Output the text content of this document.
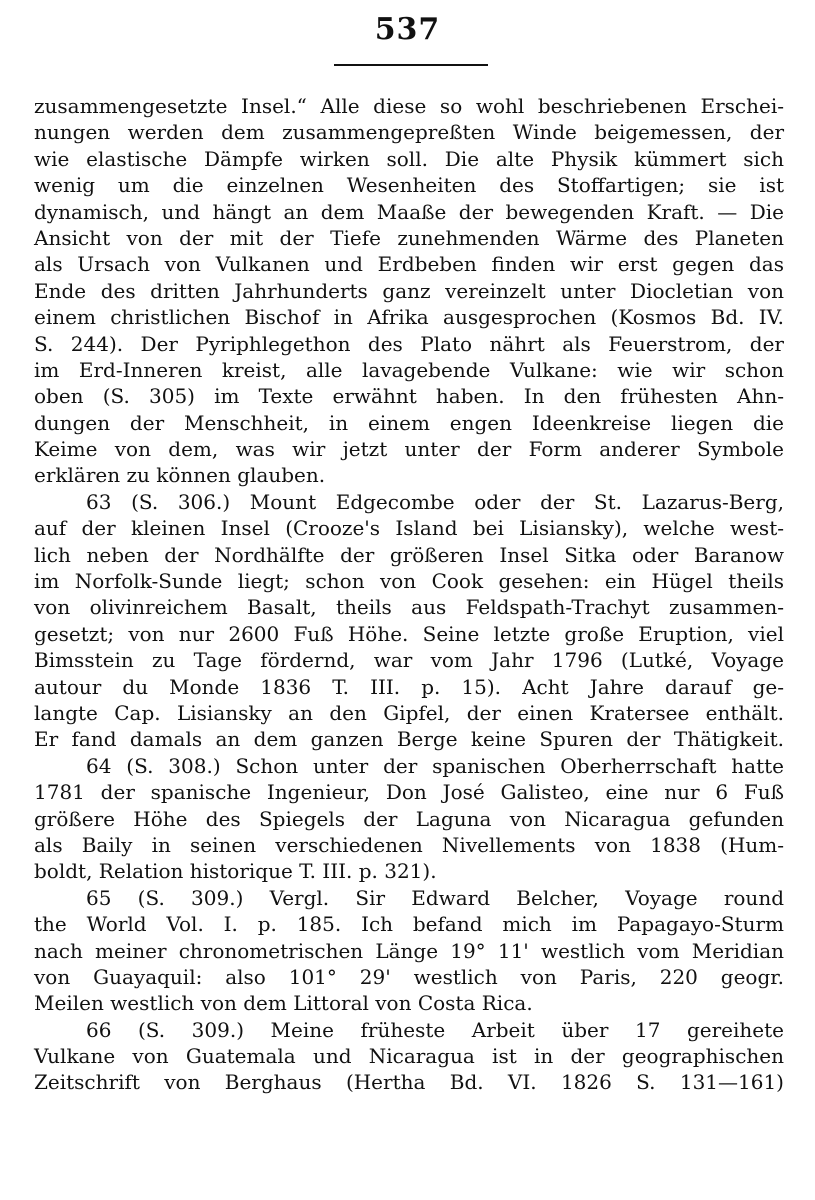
537
zusammengesetzte Insel.“ Alle diese so wohl beschriebenen Erschei-
nungen werden dem zusammengepreßten Winde beigemessen, der
wie elastische Dämpfe wirken soll. Die alte Physik kümmert sich
wenig um die einzelnen Wesenheiten des Stoffartigen; sie ist
dynamisch, und hängt an dem Maaße der bewegenden Kraft. — Die
Ansicht von der mit der Tiefe zunehmenden Wärme des Planeten
als Ursach von Vulkanen und Erdbeben finden wir erst gegen das
Ende des dritten Jahrhunderts ganz vereinzelt unter Diocletian von
einem christlichen Bischof in Afrika ausgesprochen (Kosmos Bd. IV.
S. 244). Der Pyriphlegethon des Plato nährt als Feuerstrom, der
im Erd-Inneren kreist, alle lavagebende Vulkane: wie wir schon
oben (S. 305) im Texte erwähnt haben. In den frühesten Ahn-
dungen der Menschheit, in einem engen Ideenkreise liegen die
Keime von dem, was wir jetzt unter der Form anderer Symbole
erklären zu können glauben.
63 (S. 306.) Mount Edgecombe oder der St. Lazarus-Berg,
auf der kleinen Insel (Crooze's Island bei Lisiansky), welche west-
lich neben der Nordhälfte der größeren Insel Sitka oder Baranow
im Norfolk-Sunde liegt; schon von Cook gesehen: ein Hügel theils
von olivinreichem Basalt, theils aus Feldspath-Trachyt zusammen-
gesetzt; von nur 2600 Fuß Höhe. Seine letzte große Eruption, viel
Bimsstein zu Tage fördernd, war vom Jahr 1796 (Lutké, Voyage
autour du Monde 1836 T. III. p. 15). Acht Jahre darauf ge-
langte Cap. Lisiansky an den Gipfel, der einen Kratersee enthält.
Er fand damals an dem ganzen Berge keine Spuren der Thätigkeit.
64 (S. 308.) Schon unter der spanischen Oberherrschaft hatte
1781 der spanische Ingenieur, Don José Galisteo, eine nur 6 Fuß
größere Höhe des Spiegels der Laguna von Nicaragua gefunden
als Baily in seinen verschiedenen Nivellements von 1838 (Hum-
boldt, Relation historique T. III. p. 321).
65 (S. 309.) Vergl. Sir Edward Belcher, Voyage round
the World Vol. I. p. 185. Ich befand mich im Papagayo-Sturm
nach meiner chronometrischen Länge 19° 11' westlich vom Meridian
von Guayaquil: also 101° 29' westlich von Paris, 220 geogr.
Meilen westlich von dem Littoral von Costa Rica.
66 (S. 309.) Meine früheste Arbeit über 17 gereihete
Vulkane von Guatemala und Nicaragua ist in der geographischen
Zeitschrift von Berghaus (Hertha Bd. VI. 1826 S. 131—161)
